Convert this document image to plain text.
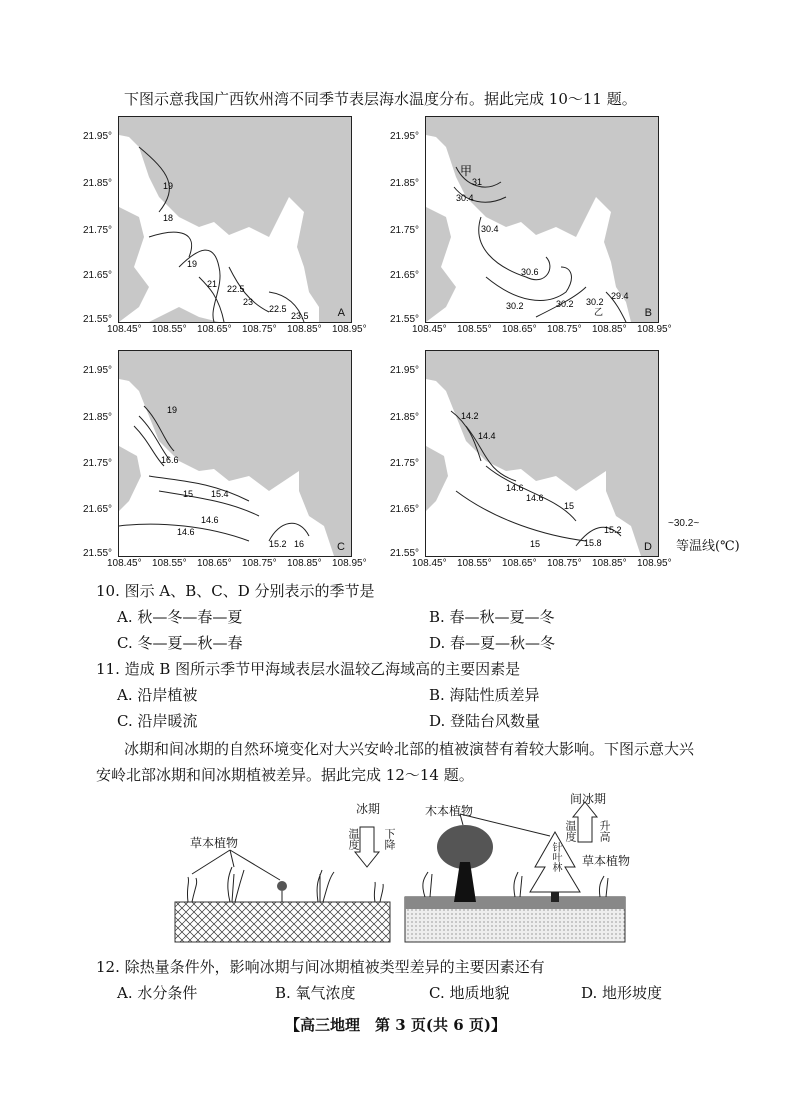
下图示意我国广西钦州湾不同季节表层海水温度分布。据此完成 10～11 题。
19
18
19
21 22.5
23
22.5
23.5	A
甲
31
30.4
30.4
30.6
30.2	30.2 30.2
29.4
乙	B
19
16.6
15 15.4
14.6
15.2
14.6
16	C
14.2
14.4
14.6
15
14.6
15.8
15
15.2
D
21.95°
21.85°
21.75°
21.65°
21.55°
21.95°
21.85°
21.75°
21.65°
21.55°
21.95°
21.85°
21.75°
21.65°
21.55°
21.95°
21.85°
21.75°
21.65°
21.55°
108.45° 108.55° 108.65° 108.75° 108.85° 108.95°	108.45° 108.55° 108.65° 108.75° 108.85° 108.95°
108.45° 108.55° 108.65° 108.75° 108.85° 108.95°	108.45° 108.55° 108.65° 108.75° 108.85° 108.95°
~30.2~
等温线(℃)
10. 图示 A、B、C、D 分别表示的季节是
A. 秋—冬—春—夏	B. 春—秋—夏—冬
C. 冬—夏—秋—春	D. 春—夏—秋—冬
11. 造成 B 图所示季节甲海域表层水温较乙海域高的主要因素是
A. 沿岸植被	B. 海陆性质差异
C. 沿岸暖流	D. 登陆台风数量
冰期和间冰期的自然环境变化对大兴安岭北部的植被演替有着较大影响。下图示意大兴
安岭北部冰期和间冰期植被差异。据此完成 12～14 题。
冰期
温度 下降
间冰期
温度 升高
草本植物
木本植物
草本植物
针叶林
12. 除热量条件外，影响冰期与间冰期植被类型差异的主要因素还有
A. 水分条件	B. 氧气浓度	C. 地质地貌	D. 地形坡度
【高三地理　第 3 页(共 6 页)】
